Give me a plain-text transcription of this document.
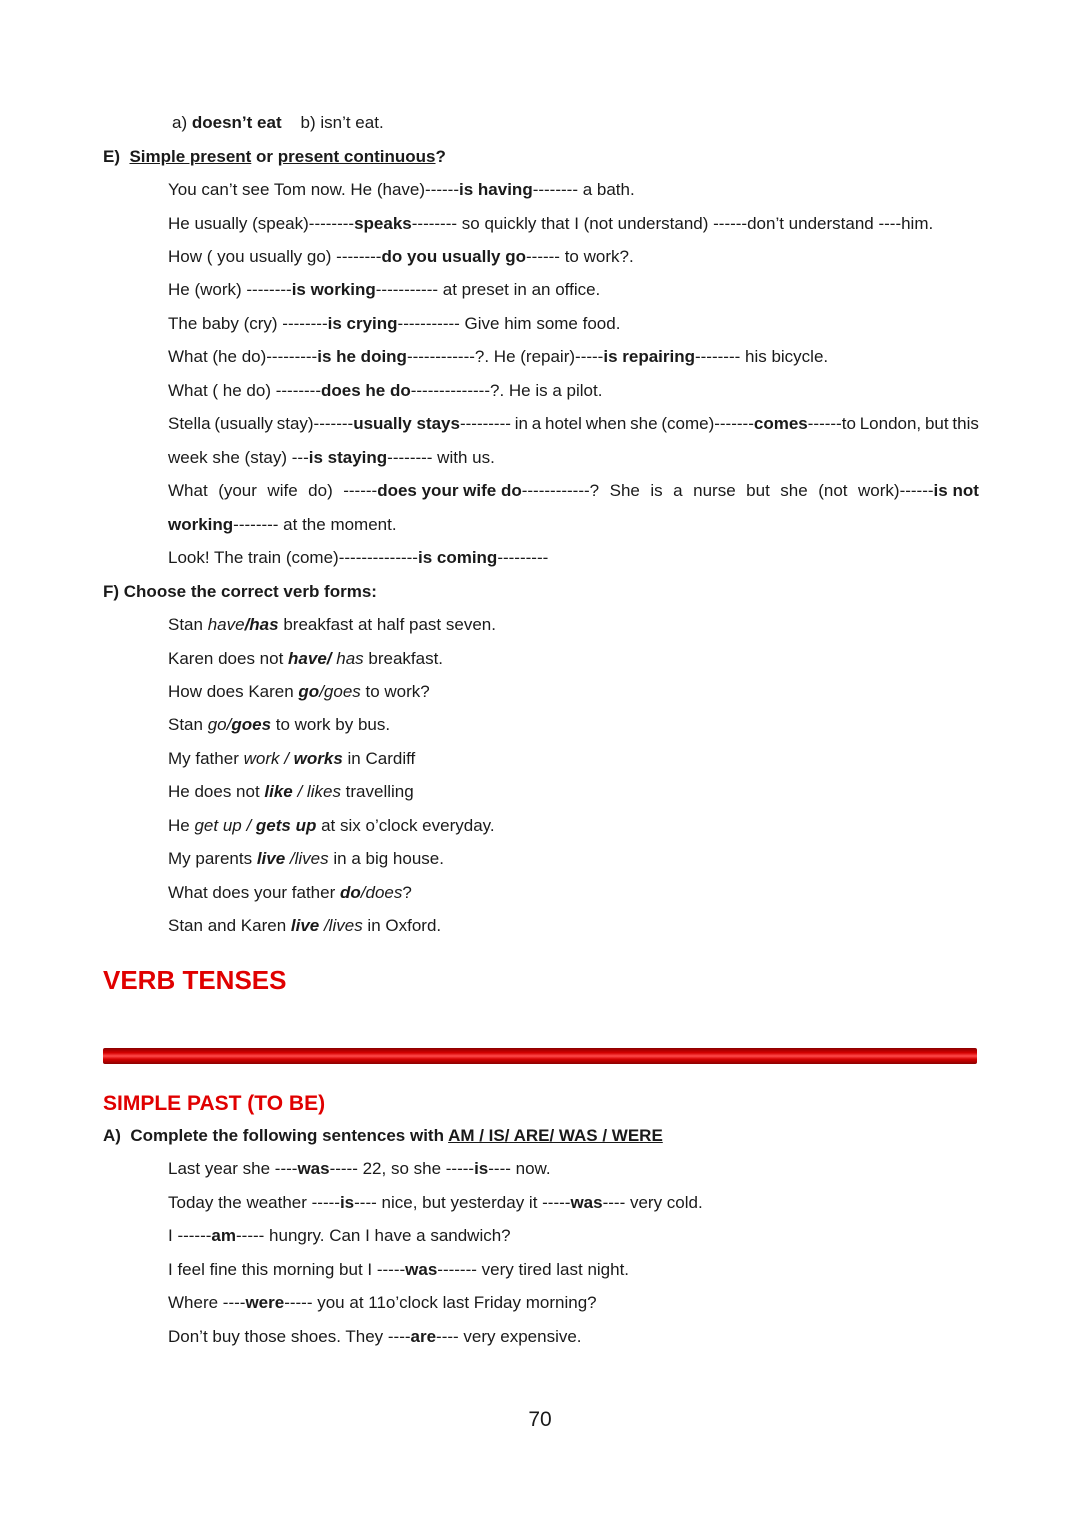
a) doesn’t eat b) isn’t eat.
E) Simple present or present continuous?
You can’t see Tom now. He (have)------is having-------- a bath.
He usually (speak)--------speaks-------- so quickly that I (not understand) ------don’t understand ----him.
How ( you usually go) --------do you usually go------ to work?.
He (work) --------is working----------- at preset in an office.
The baby (cry) --------is crying----------- Give him some food.
What (he do)---------is he doing------------?. He (repair)-----is repairing-------- his bicycle.
What ( he do) --------does he do--------------?. He is a pilot.
Stella (usually stay)-------usually stays--------- in a hotel when she (come)-------comes------to London, but this
week she (stay) ---is staying-------- with us.
What (your wife do) ------does your wife do------------? She is a nurse but she (not work)------is not
working-------- at the moment.
Look! The train (come)--------------is coming---------
F) Choose the correct verb forms:
Stan have/has breakfast at half past seven.
Karen does not have/ has breakfast.
How does Karen go/goes to work?
Stan go/goes to work by bus.
My father work / works in Cardiff
He does not like / likes travelling
He get up / gets up at six o’clock everyday.
My parents live /lives in a big house.
What does your father do/does?
Stan and Karen live /lives in Oxford.
VERB TENSES
SIMPLE PAST (TO BE)
A)  Complete the following sentences with AM / IS/ ARE/ WAS / WERE
Last year she ----was----- 22, so she -----is---- now.
Today the weather -----is---- nice, but yesterday it -----was---- very cold.
I ------am----- hungry. Can I have a sandwich?
I feel fine this morning but I -----was------- very tired last night.
Where ----were----- you at 11o’clock last Friday morning?
Don’t buy those shoes. They ----are---- very expensive.
70
